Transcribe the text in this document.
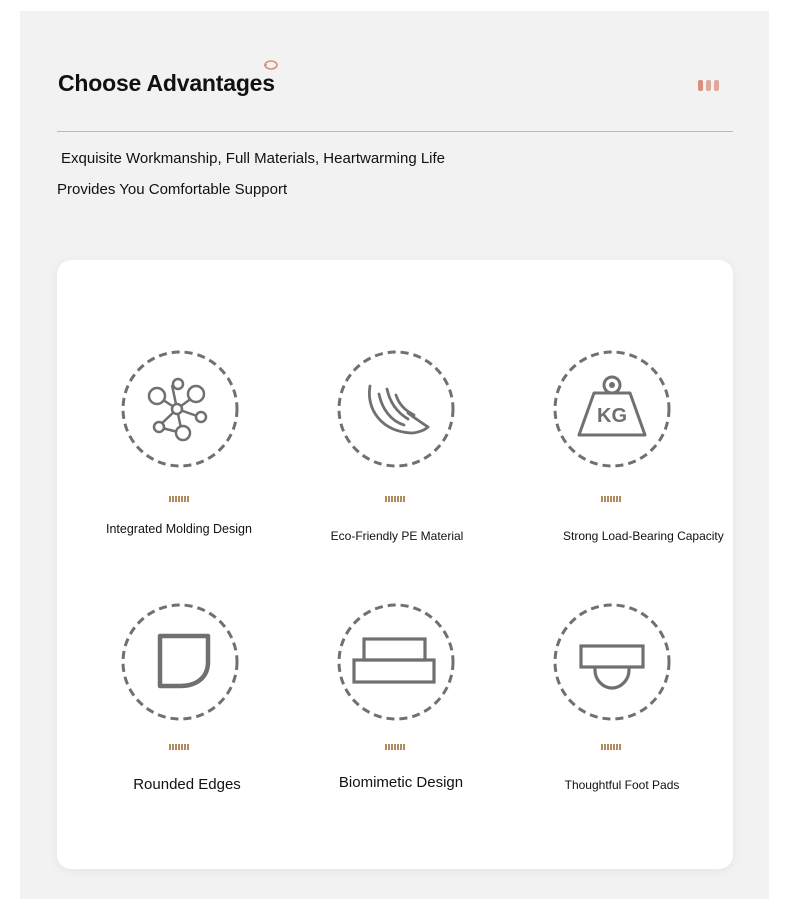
Choose Advantages
Exquisite Workmanship, Full Materials, Heartwarming Life
Provides You Comfortable Support
Integrated Molding Design	Eco-Friendly PE Material
KG
Strong Load-Bearing Capacity
Rounded Edges	Biomimetic Design	Thoughtful Foot Pads
